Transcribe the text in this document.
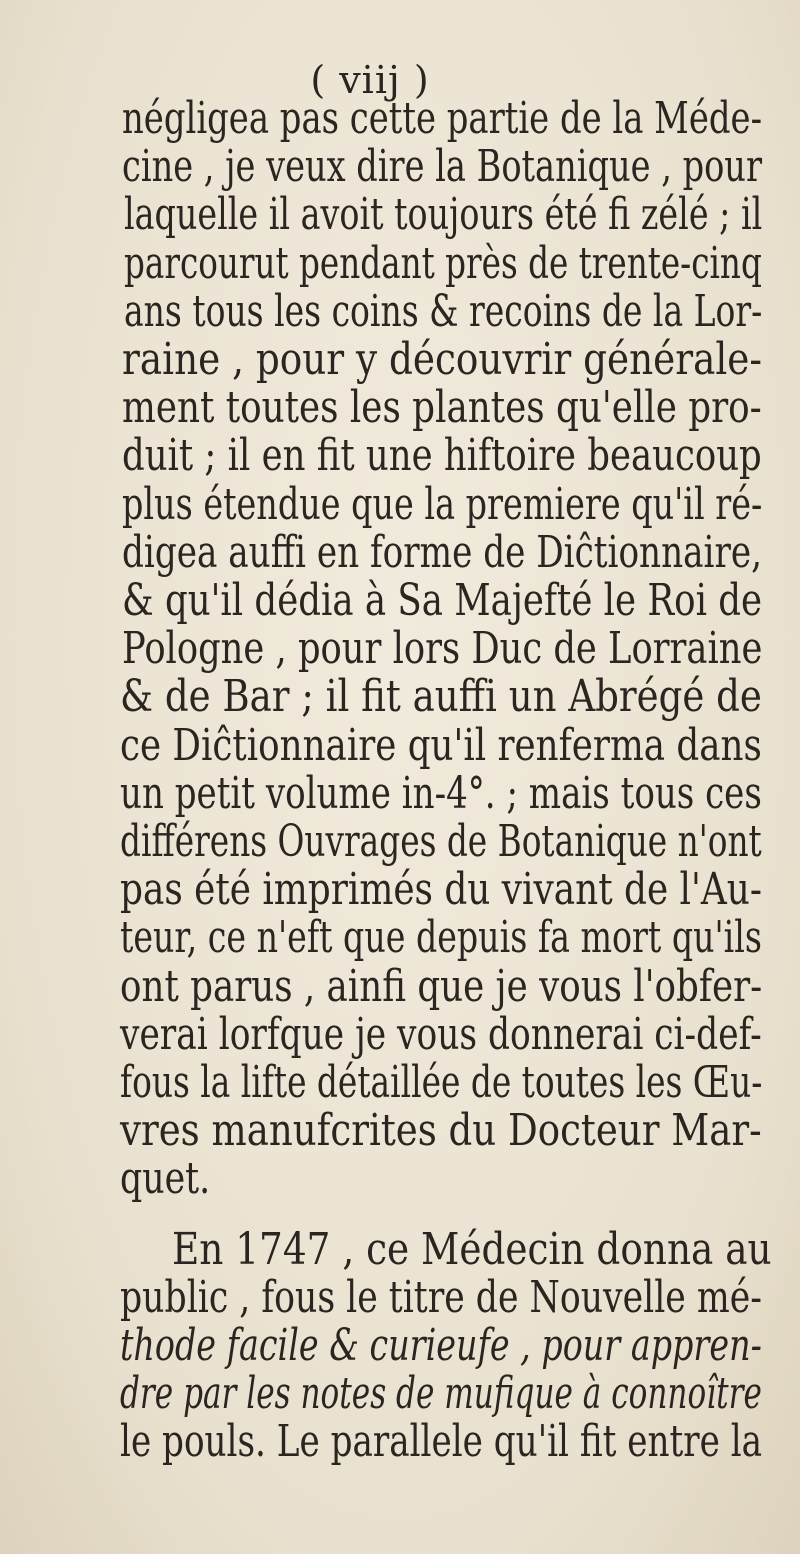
( viij )
négligea pas cette partie de la Méde-
cine , je veux dire la Botanique , pour
laquelle il avoit toujours été fi zélé ; il
parcourut pendant près de trente-cinq
ans tous les coins & recoins de la Lor-
raine , pour y découvrir générale-
ment toutes les plantes qu'elle pro-
duit ; il en fit une hiftoire beaucoup
plus étendue que la premiere qu'il ré-
digea auffi en forme de Diĉtionnaire,
& qu'il dédia à Sa Majefté le Roi de
Pologne , pour lors Duc de Lorraine
& de Bar ; il fit auffi un Abrégé de
ce Diĉtionnaire qu'il renferma dans
un petit volume in-4°. ; mais tous ces
différens Ouvrages de Botanique n'ont
pas été imprimés du vivant de l'Au-
teur, ce n'eft que depuis fa mort qu'ils
ont parus , ainfi que je vous l'obfer-
verai lorfque je vous donnerai ci-def-
fous la lifte détaillée de toutes les Œu-
vres manufcrites du Docteur Mar-
quet.
En 1747 , ce Médecin donna au
public , fous le titre de Nouvelle mé-
thode facile & curieufe , pour appren-
dre par les notes de mufique à connoître
le pouls. Le parallele qu'il fit entre la
